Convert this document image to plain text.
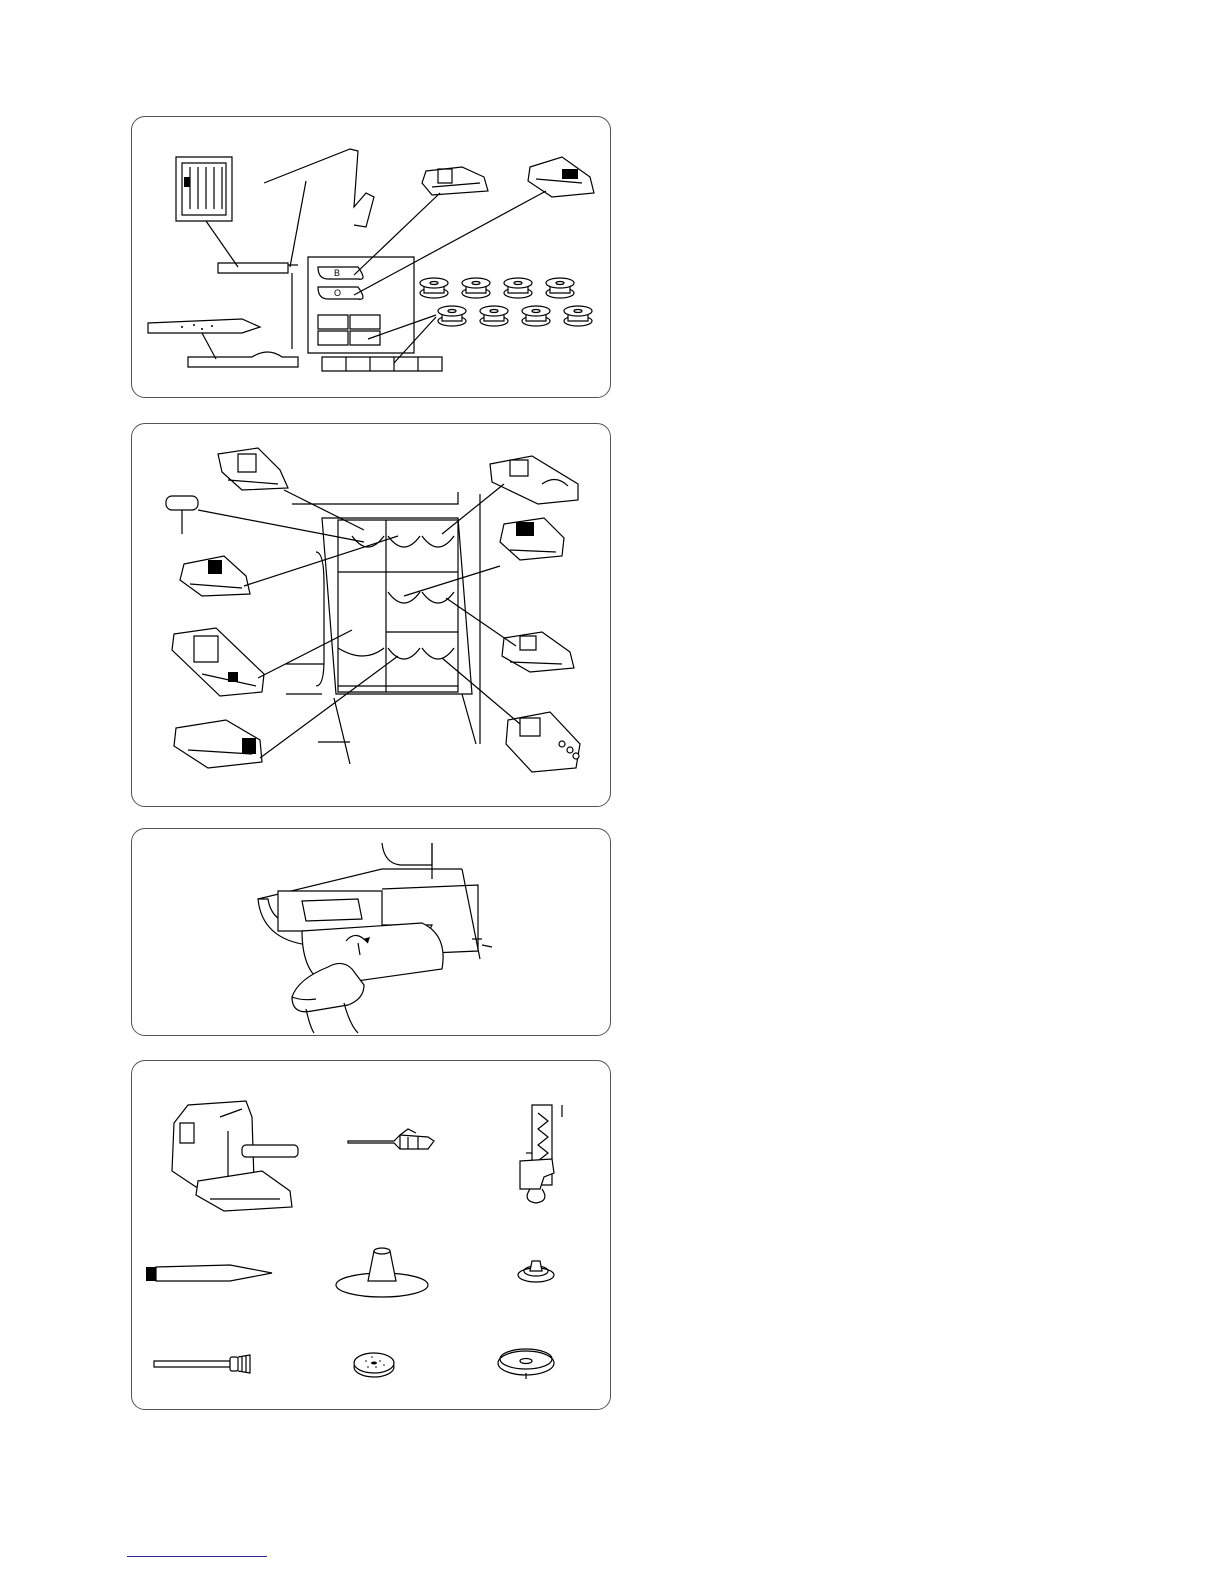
B
O
